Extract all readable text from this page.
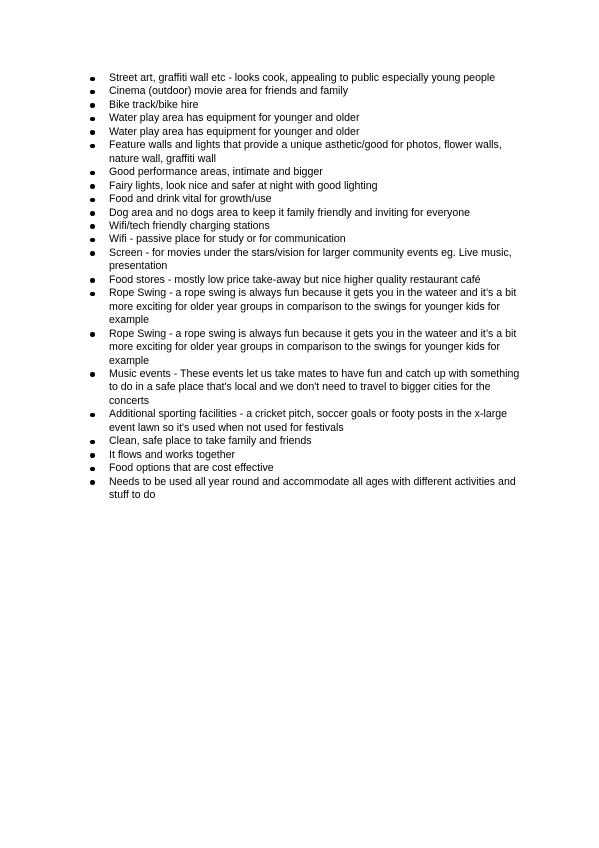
Street art, graffiti wall etc - looks cook, appealing to public especially young people
Cinema (outdoor) movie area for friends and family
Bike track/bike hire
Water play area has equipment for younger and older
Water play area has equipment for younger and older
Feature walls and lights that provide a unique asthetic/good for photos, flower walls, nature wall, graffiti wall
Good performance areas, intimate and bigger
Fairy lights, look nice and safer at night with good lighting
Food and drink vital for growth/use
Dog area and no dogs area to keep it family friendly and inviting for everyone
Wifi/tech friendly charging stations
Wifi - passive place for study or for communication
Screen - for movies under the stars/vision for larger community events eg. Live music, presentation
Food stores - mostly low price take-away but nice higher quality restaurant café
Rope Swing - a rope swing is always fun because it gets you in the wateer and it’s a bit more exciting for older year groups in comparison to the swings for younger kids for example
Rope Swing - a rope swing is always fun because it gets you in the wateer and it’s a bit more exciting for older year groups in comparison to the swings for younger kids for example
Music events - These events let us take mates to have fun and catch up with something to do in a safe place that's local and we don't need to travel to bigger cities for the concerts
Additional sporting facilities - a cricket pitch, soccer goals or footy posts in the x-large event lawn so it's used when not used for festivals
Clean, safe place to take family and friends
It flows and works together
Food options that are cost effective
Needs to be used all year round and accommodate all ages with different activities and stuff to do
